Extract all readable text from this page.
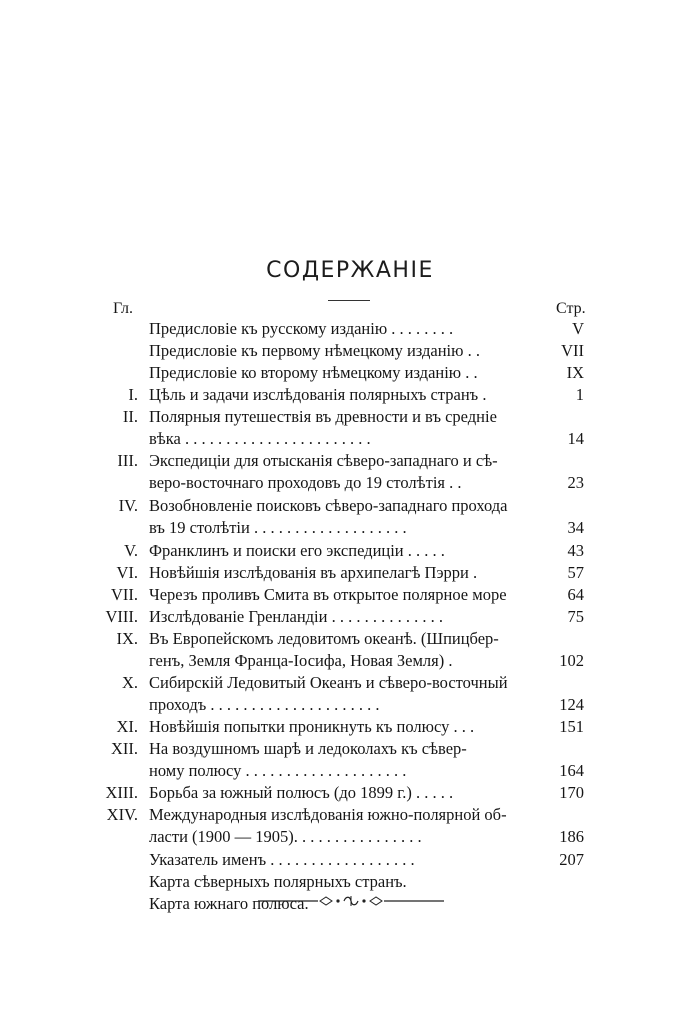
СОДЕРЖАНІЕ
Гл.	Стр.
Предисловіе къ русскому изданію . . . . . . . .	V
Предисловіе къ первому нѣмецкому изданію . .	VII
Предисловіе ко второму нѣмецкому изданію . .	IX
I. Цѣль и задачи изслѣдованія полярныхъ странъ .	1
II. Полярныя путешествія въ древности и въ средніе
вѣка . . . . . . . . . . . . . . . . . . . . . . .	14
III. Экспедиціи для отысканія сѣверо-западнаго и сѣ-
веро-восточнаго проходовъ до 19 столѣтія . .	23
IV. Возобновленіе поисковъ сѣверо-западнаго прохода
въ 19 столѣтіи . . . . . . . . . . . . . . . . . . .	34
V. Франклинъ и поиски его экспедиціи . . . . .	43
VI. Новѣйшія изслѣдованія въ архипелагѣ Пэрри .	57
VII. Черезъ проливъ Смита въ открытое полярное море	64
VIII. Изслѣдованіе Гренландіи . . . . . . . . . . . . . .	75
IX. Въ Европейскомъ ледовитомъ океанѣ. (Шпицбер-
генъ, Земля Франца-Іосифа, Новая Земля) .	102
X. Сибирскій Ледовитый Океанъ и сѣверо-восточный
проходъ . . . . . . . . . . . . . . . . . . . . .	124
XI. Новѣйшія попытки проникнуть къ полюсу . . .	151
XII. На воздушномъ шарѣ и ледоколахъ къ сѣвер-
ному полюсу . . . . . . . . . . . . . . . . . . . .	164
XIII. Борьба за южный полюсъ (до 1899 г.) . . . . .	170
XIV. Международныя изслѣдованія южно-полярной об-
ласти (1900 — 1905). . . . . . . . . . . . . . . .	186
Указатель именъ . . . . . . . . . . . . . . . . . .	207
Карта сѣверныхъ полярныхъ странъ.
Карта южнаго полюса.
